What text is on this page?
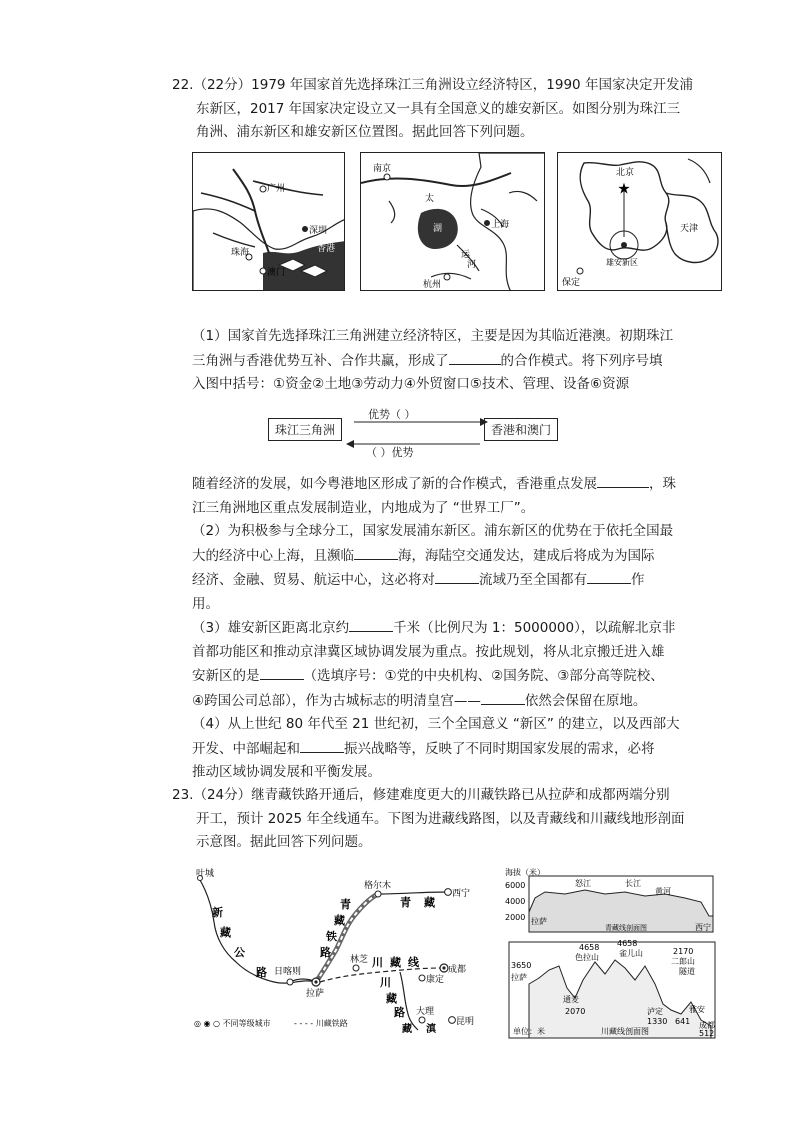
22.（22分）1979 年国家首先选择珠江三角洲设立经济特区，1990 年国家决定开发浦

东新区，2017 年国家决定设立又一具有全国意义的雄安新区。如图分别为珠江三

角洲、浦东新区和雄安新区位置图。据此回答下列问题。

广州
深圳
香港
珠海
澳门
南京
太
湖	上海
杭州
运
河
★
北京
天津
保定
雄安新区
（1）国家首先选择珠江三角洲建立经济特区，主要是因为其临近港澳。初期珠江
三角洲与香港优势互补、合作共赢，形成了	的合作模式。将下列序号填
入图中括号：①资金②土地③劳动力④外贸窗口⑤技术、管理、设备⑥资源
珠江三角洲	香港和澳门
优势（ ）
（ ）优势
随着经济的发展，如今粤港地区形成了新的合作模式，香港重点发展	，珠
江三角洲地区重点发展制造业，内地成为了 “世界工厂”。
（2）为积极参与全球分工，国家发展浦东新区。浦东新区的优势在于依托全国最
大的经济中心上海，且濒临	海，海陆空交通发达，建成后将成为为国际
经济、金融、贸易、航运中心，这必将对	流域乃至全国都有	作
用。
（3）雄安新区距离北京约	千米（比例尺为 1：5000000），以疏解北京非
首都功能区和推动京津冀区域协调发展为重点。按此规划，将从北京搬迁进入雄
安新区的是	（选填序号：①党的中央机构、②国务院、③部分高等院校、
④跨国公司总部），作为古城标志的明清皇宫——	依然会保留在原地。
（4）从上世纪 80 年代至 21 世纪初，三个全国意义 “新区” 的建立，以及西部大
开发、中部崛起和	振兴战略等，反映了不同时期国家发展的需求，必将
推动区域协调发展和平衡发展。
23.（24分）继青藏铁路开通后，修建难度更大的川藏铁路已从拉萨和成都两端分别
开工，预计 2025 年全线通车。下图为进藏线路图，以及青藏线和川藏线地形剖面
示意图。据此回答下列问题。
叶城
格尔木
西宁
成都
拉萨
日喀则
林芝
康定
大理
昆明
新
藏
公
路
青
藏
铁
路
青 藏
川 藏 线
川
藏
路
藏 滇
◎ ◉ ○ 不同等级城市	- - - - 川藏铁路
海拔（米）
6000
4000
2000 拉萨
西宁
怒江	长江
黄河
青藏线剖面图
3650
拉萨
4658 4658
色拉山	雀儿山
通麦
2070
2170
二郎山
隧道
泸定
1330
雅安
641 成都
512
单位：米	川藏线剖面图
